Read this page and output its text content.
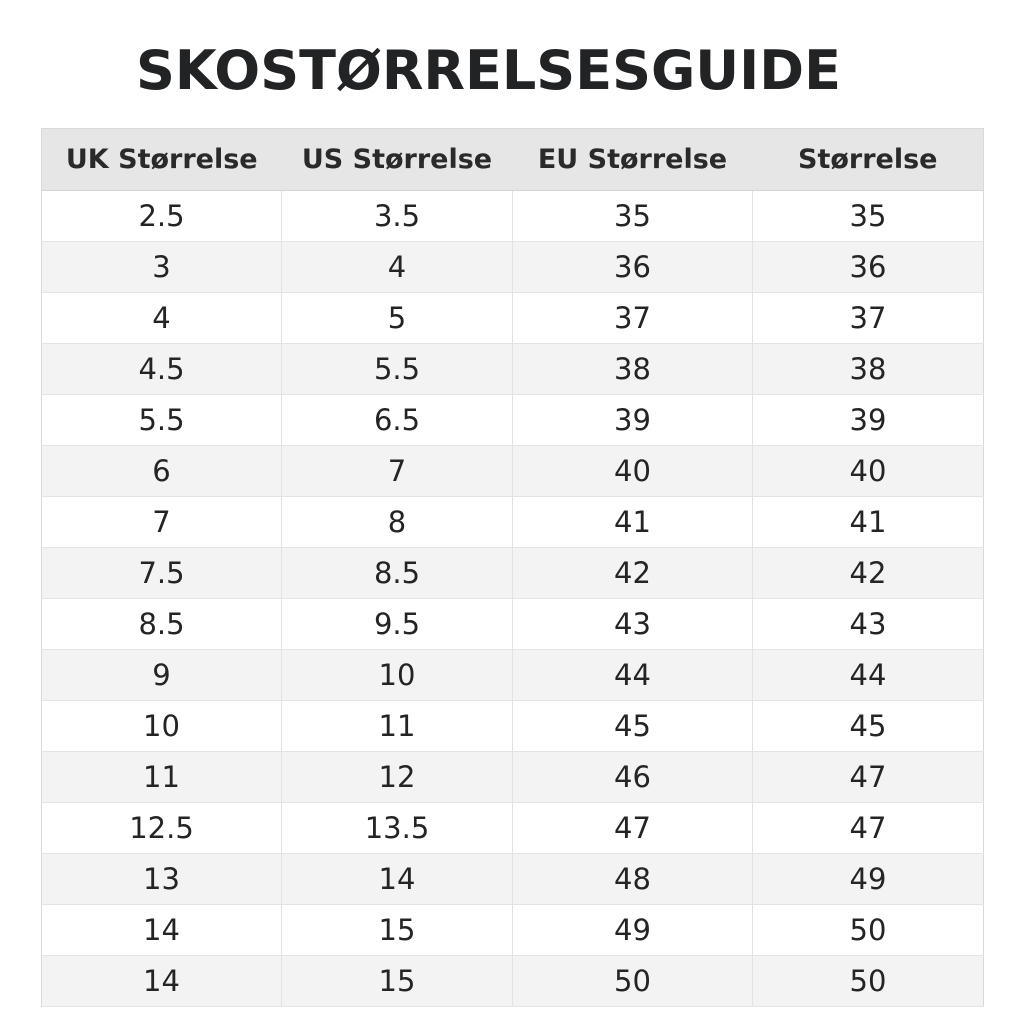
SKOSTØRRELSESGUIDE
UK Størrelse	US Størrelse	EU Størrelse	Størrelse
2.5	3.5	35	35
3	4	36	36
4	5	37	37
4.5	5.5	38	38
5.5	6.5	39	39
6	7	40	40
7	8	41	41
7.5	8.5	42	42
8.5	9.5	43	43
9	10	44	44
10	11	45	45
11	12	46	47
12.5	13.5	47	47
13	14	48	49
14	15	49	50
14	15	50	50
